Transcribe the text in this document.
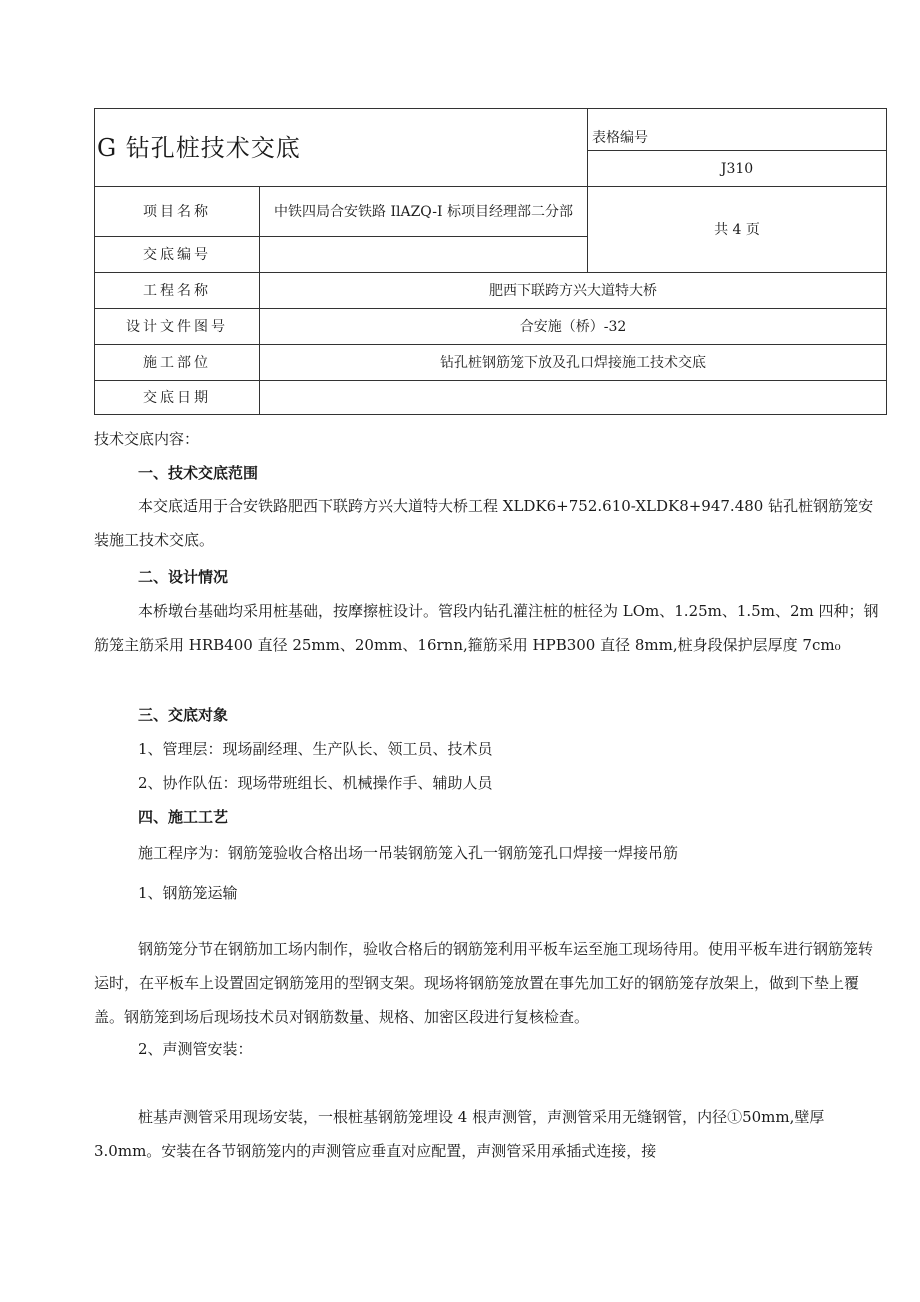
G 钻孔桩技术交底		表格编号
		J310
项目名称	中铁四局合安铁路 IlAZQ-I 标项目经理部二分部	共 4 页
交底编号		
工程名称	肥西下联跨方兴大道特大桥	
设计文件图号	合安施（桥）-32	
施工部位	钻孔桩钢筋笼下放及孔口焊接施工技术交底	
交底日期		

技术交底内容：

一、技术交底范围

本交底适用于合安铁路肥西下联跨方兴大道特大桥工程 XLDK6+752.610-XLDK8+947.480 钻孔桩钢筋笼安装施工技术交底。

二、设计情况

本桥墩台基础均采用桩基础，按摩擦桩设计。管段内钻孔灌注桩的桩径为 LOm、1.25m、1.5m、2m 四种；钢筋笼主筋采用 HRB400 直径 25mm、20mm、16rnn,箍筋采用 HPB300 直径 8mm,桩身段保护层厚度 7cm₀

三、交底对象

1、管理层：现场副经理、生产队长、领工员、技术员

2、协作队伍：现场带班组长、机械操作手、辅助人员

四、施工工艺

施工程序为：钢筋笼验收合格出场一吊装钢筋笼入孔一钢筋笼孔口焊接一焊接吊筋

1、钢筋笼运输

钢筋笼分节在钢筋加工场内制作，验收合格后的钢筋笼利用平板车运至施工现场待用。使用平板车进行钢筋笼转运时，在平板车上设置固定钢筋笼用的型钢支架。现场将钢筋笼放置在事先加工好的钢筋笼存放架上，做到下垫上覆盖。钢筋笼到场后现场技术员对钢筋数量、规格、加密区段进行复核检查。

2、声测管安装：

桩基声测管采用现场安装，一根桩基钢筋笼埋设 4 根声测管，声测管采用无缝钢管，内径①50mm,壁厚 3.0mm。安装在各节钢筋笼内的声测管应垂直对应配置，声测管采用承插式连接，接
